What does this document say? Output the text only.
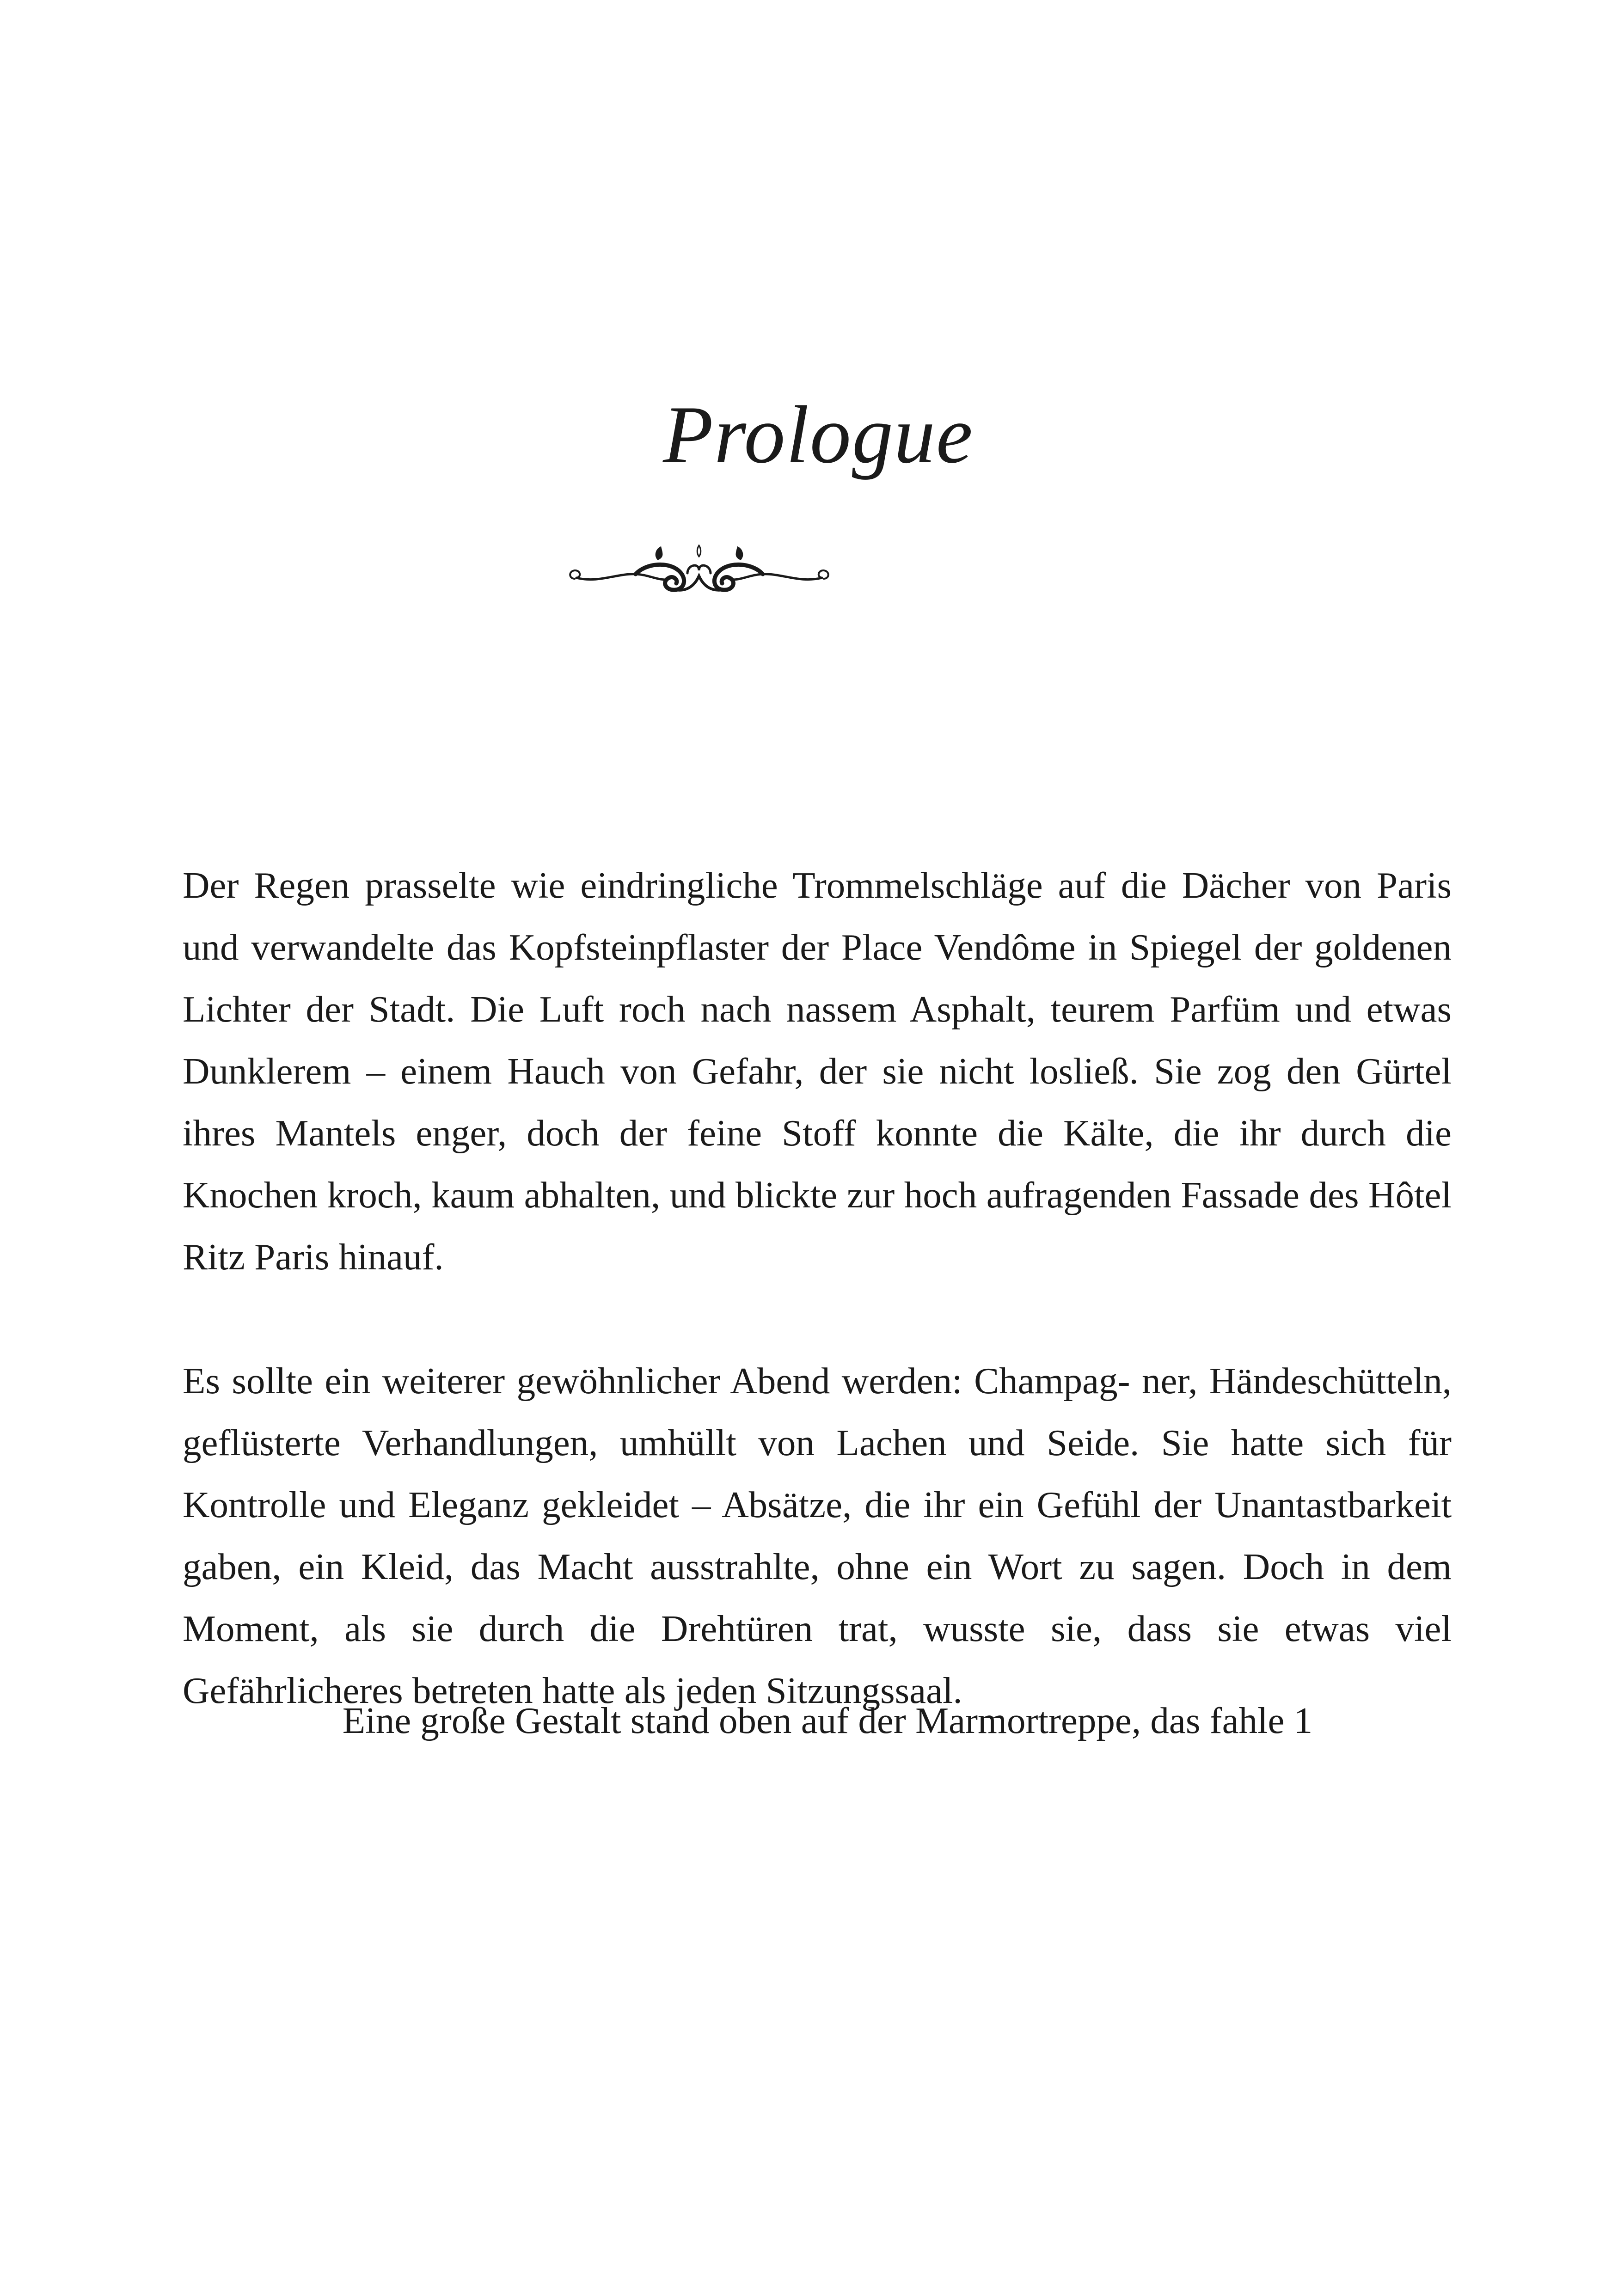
Prologue

Der Regen prasselte wie eindringliche Trommelschläge auf die Dächer von Paris und verwandelte das Kopfsteinpflaster der Place Vendôme in Spiegel der goldenen Lichter der Stadt. Die Luft roch nach nassem Asphalt, teurem Parfüm und etwas Dunklerem – einem Hauch von Gefahr, der sie nicht losließ. Sie zog den Gürtel ihres Mantels enger, doch der feine Stoff konnte die Kälte, die ihr durch die Knochen kroch, kaum abhalten, und blickte zur hoch aufragenden Fassade des Hôtel Ritz Paris hinauf.

Es sollte ein weiterer gewöhnlicher Abend werden: Champag- ner, Händeschütteln, geflüsterte Verhandlungen, umhüllt von Lachen und Seide. Sie hatte sich für Kontrolle und Eleganz gekleidet – Absätze, die ihr ein Gefühl der Unantastbarkeit gaben, ein Kleid, das Macht ausstrahlte, ohne ein Wort zu sagen. Doch in dem Moment, als sie durch die Drehtüren trat, wusste sie, dass sie etwas viel Gefährlicheres betreten hatte als jeden Sitzungssaal.

Eine große Gestalt stand oben auf der Marmortreppe, das fahle 1
